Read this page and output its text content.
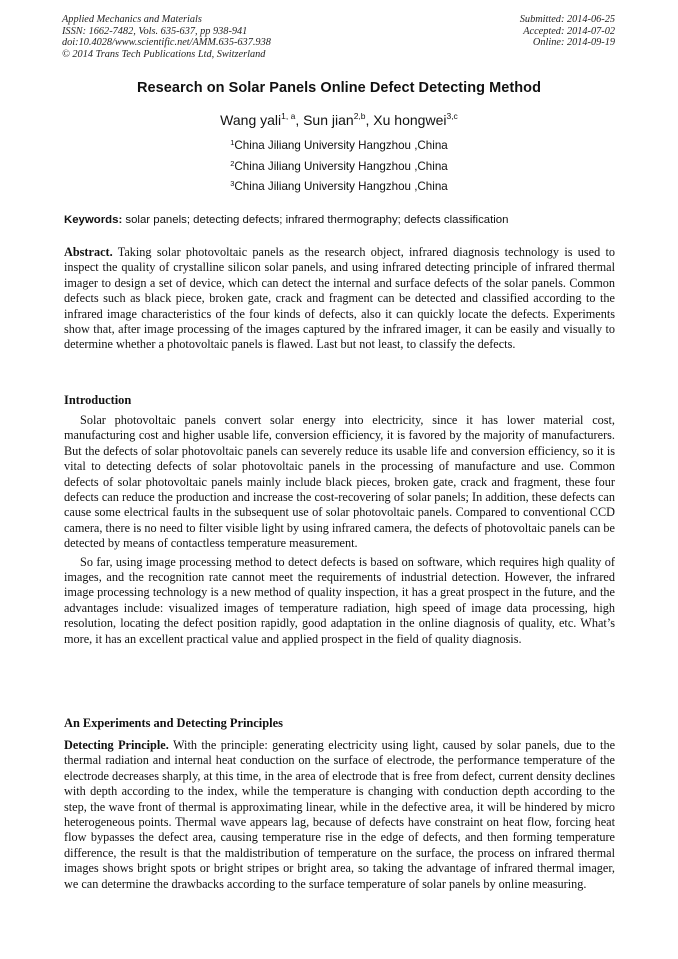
Applied Mechanics and Materials
ISSN: 1662-7482, Vols. 635-637, pp 938-941
doi:10.4028/www.scientific.net/AMM.635-637.938
© 2014 Trans Tech Publications Ltd, Switzerland
Submitted: 2014-06-25
Accepted: 2014-07-02
Online: 2014-09-19
Research on Solar Panels Online Defect Detecting Method
Wang yali$^{1, a}$, Sun jian$^{2,b}$, Xu hongwei$^{3,c}$
$^1$China Jiliang University Hangzhou ,China
$^2$China Jiliang University Hangzhou ,China
$^3$China Jiliang University Hangzhou ,China
Keywords: solar panels; detecting defects; infrared thermography; defects classification

Abstract. Taking solar photovoltaic panels as the research object, infrared diagnosis technology is used to inspect the quality of crystalline silicon solar panels, and using infrared detecting principle of infrared thermal imager to design a set of device, which can detect the internal and surface defects of the solar panels. Common defects such as black piece, broken gate, crack and fragment can be detected and classified according to the infrared image characteristics of the four kinds of defects, also it can quickly locate the defects. Experiments show that, after image processing of the images captured by the infrared imager, it can be easily and visually to determine whether a photovoltaic panels is flawed. Last but not least, to classify the defects.

Introduction

Solar photovoltaic panels convert solar energy into electricity, since it has lower material cost, manufacturing cost and higher usable life, conversion efficiency, it is favored by the majority of manufacturers. But the defects of solar photovoltaic panels can severely reduce its usable life and conversion efficiency, so it is vital to detecting defects of solar photovoltaic panels in the processing of manufacture and use. Common defects of solar photovoltaic panels mainly include black pieces, broken gate, crack and fragment, these four defects can reduce the production and increase the cost-recovering of solar panels; In addition, these defects can cause some electrical faults in the subsequent use of solar photovoltaic panels. Compared to conventional CCD camera, there is no need to filter visible light by using infrared camera, the defects of photovoltaic panels can be detected by means of contactless temperature measurement.

So far, using image processing method to detect defects is based on software, which requires high quality of images, and the recognition rate cannot meet the requirements of industrial detection. However, the infrared image processing technology is a new method of quality inspection, it has a great prospect in the future, and the advantages include: visualized images of temperature radiation, high speed of image data processing, high resolution, locating the defect position rapidly, good adaptation in the online diagnosis of quality, etc. What’s more, it has an excellent practical value and applied prospect in the field of quality diagnosis.

An Experiments and Detecting Principles

Detecting Principle. With the principle: generating electricity using light, caused by solar panels, due to the thermal radiation and internal heat conduction on the surface of electrode, the performance temperature of the electrode decreases sharply, at this time, in the area of electrode that is free from defect, current density declines with depth according to the index, while the temperature is changing with conduction depth according to the step, the wave front of thermal is approximating linear, while in the defective area, it will be hindered by micro heterogeneous points. Thermal wave appears lag, because of defects have constraint on heat flow, forcing heat flow bypasses the defect area, causing temperature rise in the edge of defects, and then forming temperature difference, the result is that the maldistribution of temperature on the surface, the process on infrared thermal images shows bright spots or bright stripes or bright area, so taking the advantage of infrared thermal imager, we can determine the drawbacks according to the surface temperature of solar panels by online measuring.
